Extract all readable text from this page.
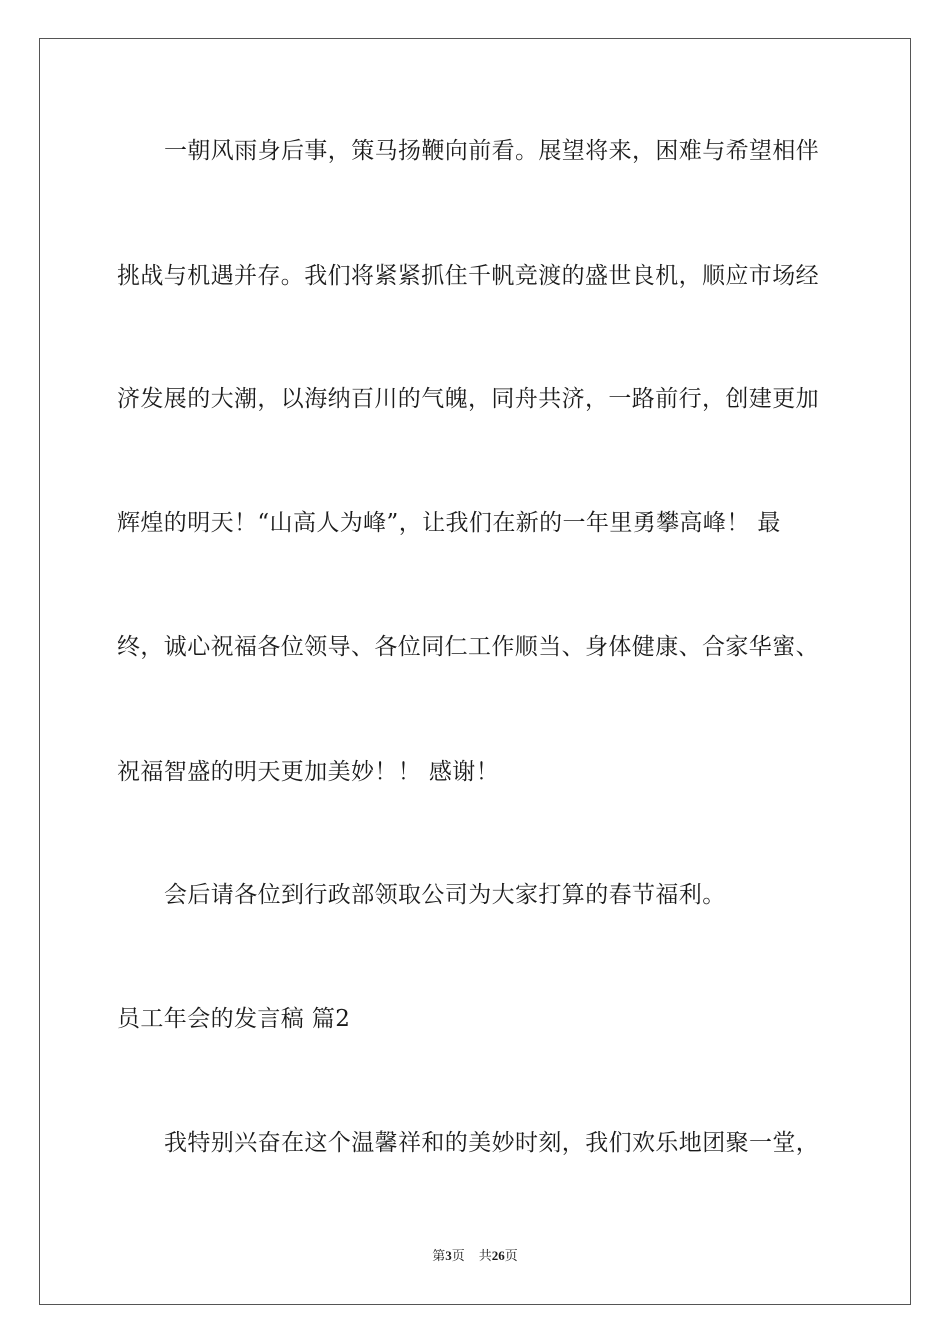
一朝风雨身后事，策马扬鞭向前看。展望将来，困难与希望相伴
挑战与机遇并存。我们将紧紧抓住千帆竞渡的盛世良机，顺应市场经
济发展的大潮，以海纳百川的气魄，同舟共济，一路前行，创建更加
辉煌的明天！“山高人为峰”，让我们在新的一年里勇攀高峰！ 最
终，诚心祝福各位领导、各位同仁工作顺当、身体健康、合家华蜜、
祝福智盛的明天更加美妙！！ 感谢！
会后请各位到行政部领取公司为大家打算的春节福利。
员工年会的发言稿 篇2
我特别兴奋在这个温馨祥和的美妙时刻，我们欢乐地团聚一堂，
第3页 共26页
